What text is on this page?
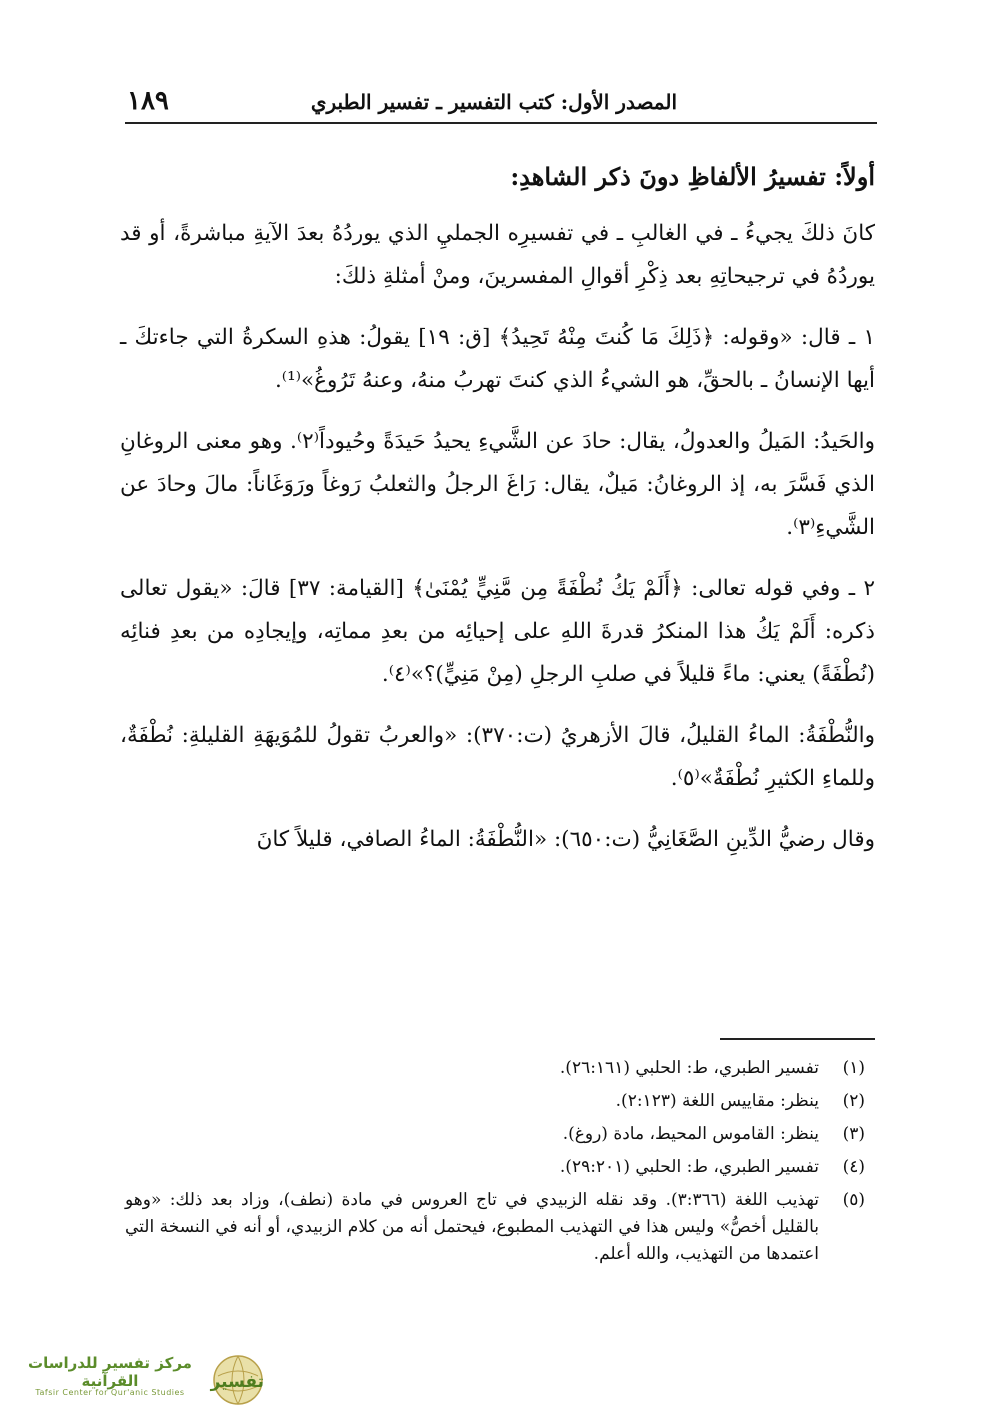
١٨٩	المصدر الأول: كتب التفسير ـ تفسير الطبري
أولاً: تفسيرُ الألفاظِ دونَ ذكر الشاهدِ:

كانَ ذلكَ يجيءُ ـ في الغالبِ ـ في تفسيرِه الجمليِ الذي يوردُهُ بعدَ الآيةِ مباشرةً، أو قد يوردُهُ في ترجيحاتِهِ بعد ذِكْرِ أقوالِ المفسرينَ، ومنْ أمثلةِ ذلكَ:

١ ـ قال: «وقوله: ﴿ذَلِكَ مَا كُنتَ مِنْهُ تَحِيدُ﴾ [ق: ١٩] يقولُ: هذهِ السكرةُ التي جاءتكَ ـ أيها الإنسانُ ـ بالحقِّ، هو الشيءُ الذي كنتَ تهربُ منهُ، وعنهُ تَرُوغُ»⁽¹⁾.

والحَيدُ: المَيلُ والعدولُ، يقال: حادَ عن الشَّيءِ يحيدُ حَيدَةً وحُيوداً⁽٢⁾. وهو معنى الروغانِ الذي فَسَّرَ به، إذ الروغانُ: مَيلٌ، يقال: رَاغَ الرجلُ والثعلبُ رَوغاً ورَوَغَاناً: مالَ وحادَ عن الشَّيءِ⁽٣⁾.

٢ ـ وفي قوله تعالى: ﴿أَلَمْ يَكُ نُطْفَةً مِن مَّنِيٍّ يُمْنَىٰ﴾ [القيامة: ٣٧] قالَ: «يقول تعالى ذكره: أَلَمْ يَكُ هذا المنكرُ قدرةَ اللهِ على إحيائِه من بعدِ مماتِه، وإيجادِه من بعدِ فنائِه (نُطْفَةً) يعني: ماءً قليلاً في صلبِ الرجلِ (مِنْ مَنِيٍّ)؟»⁽٤⁾.

والنُّطْفَةُ: الماءُ القليلُ، قالَ الأزهريُ (ت:٣٧٠): «والعربُ تقولُ للمُوَيهَةِ القليلةِ: نُطْفَةٌ، وللماءِ الكثيرِ نُطْفَةٌ»⁽٥⁾.

وقال رضيُّ الدِّينِ الصَّغَانِيُّ (ت:٦٥٠): «النُّطْفَةُ: الماءُ الصافي، قليلاً كانَ

(١)
تفسير الطبري، ط: الحلبي (٢٦:١٦١).
(٢)
ينظر: مقاييس اللغة (٢:١٢٣).
(٣)
ينظر: القاموس المحيط، مادة (روغ).
(٤)
تفسير الطبري، ط: الحلبي (٢٩:٢٠١).
(٥)
تهذيب اللغة (٣:٣٦٦). وقد نقله الزبيدي في تاج العروس في مادة (نطف)، وزاد بعد ذلك: «وهو بالقليل أخصُّ» وليس هذا في التهذيب المطبوع، فيحتمل أنه من كلام الزبيدي، أو أنه في النسخة التي اعتمدها من التهذيب، والله أعلم.
مركز تفسير للدراسات القرآنية
Tafsir Center for Qur'anic Studies
تفسير
